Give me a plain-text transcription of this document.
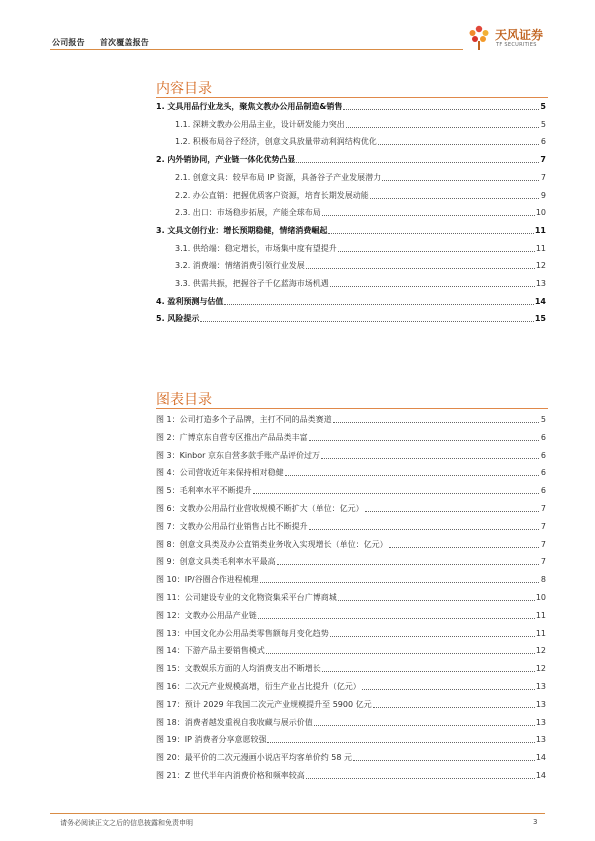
公司报告 首次覆盖报告
天风证券
TF SECURITIES
内容目录
1. 文具用品行业龙头，聚焦文教办公用品制造&销售	5
1.1. 深耕文教办公用品主业，设计研发能力突出	5
1.2. 积极布局谷子经济，创意文具放量带动利润结构优化	6
2. 内外销协同，产业链一体化优势凸显	7
2.1. 创意文具：较早布局 IP 资源，具备谷子产业发展潜力	7
2.2. 办公直销：把握优质客户资源，培育长期发展动能	9
2.3. 出口：市场稳步拓展，产能全球布局	10
3. 文具文创行业：增长预期稳健，情绪消费崛起	11
3.1. 供给端：稳定增长，市场集中度有望提升	11
3.2. 消费端：情绪消费引领行业发展	12
3.3. 供需共振，把握谷子千亿蓝海市场机遇	13
4. 盈利预测与估值	14
5. 风险提示	15
图表目录
图 1：公司打造多个子品牌，主打不同的品类赛道	5
图 2：广博京东自营专区推出产品品类丰富	6
图 3：Kinbor 京东自营多款手账产品评价过万	6
图 4：公司营收近年来保持相对稳健	6
图 5：毛利率水平不断提升	6
图 6：文教办公用品行业营收规模不断扩大（单位：亿元）	7
图 7：文教办公用品行业销售占比不断提升	7
图 8：创意文具类及办公直销类业务收入实现增长（单位：亿元）	7
图 9：创意文具类毛利率水平最高	7
图 10：IP/谷圈合作进程梳理	8
图 11：公司建设专业的文化物资集采平台广博商城	10
图 12：文教办公用品产业链	11
图 13：中国文化办公用品类零售额每月变化趋势	11
图 14：下游产品主要销售模式	12
图 15：文教娱乐方面的人均消费支出不断增长	12
图 16：二次元产业规模高增，衍生产业占比提升（亿元）	13
图 17：预计 2029 年我国二次元产业规模提升至 5900 亿元	13
图 18：消费者越发重视自我收藏与展示价值	13
图 19：IP 消费者分享意愿较强	13
图 20：最平价的二次元漫画小说店平均客单价约 58 元	14
图 21：Z 世代半年内消费价格和频率较高	14
请务必阅读正文之后的信息披露和免责申明	3
